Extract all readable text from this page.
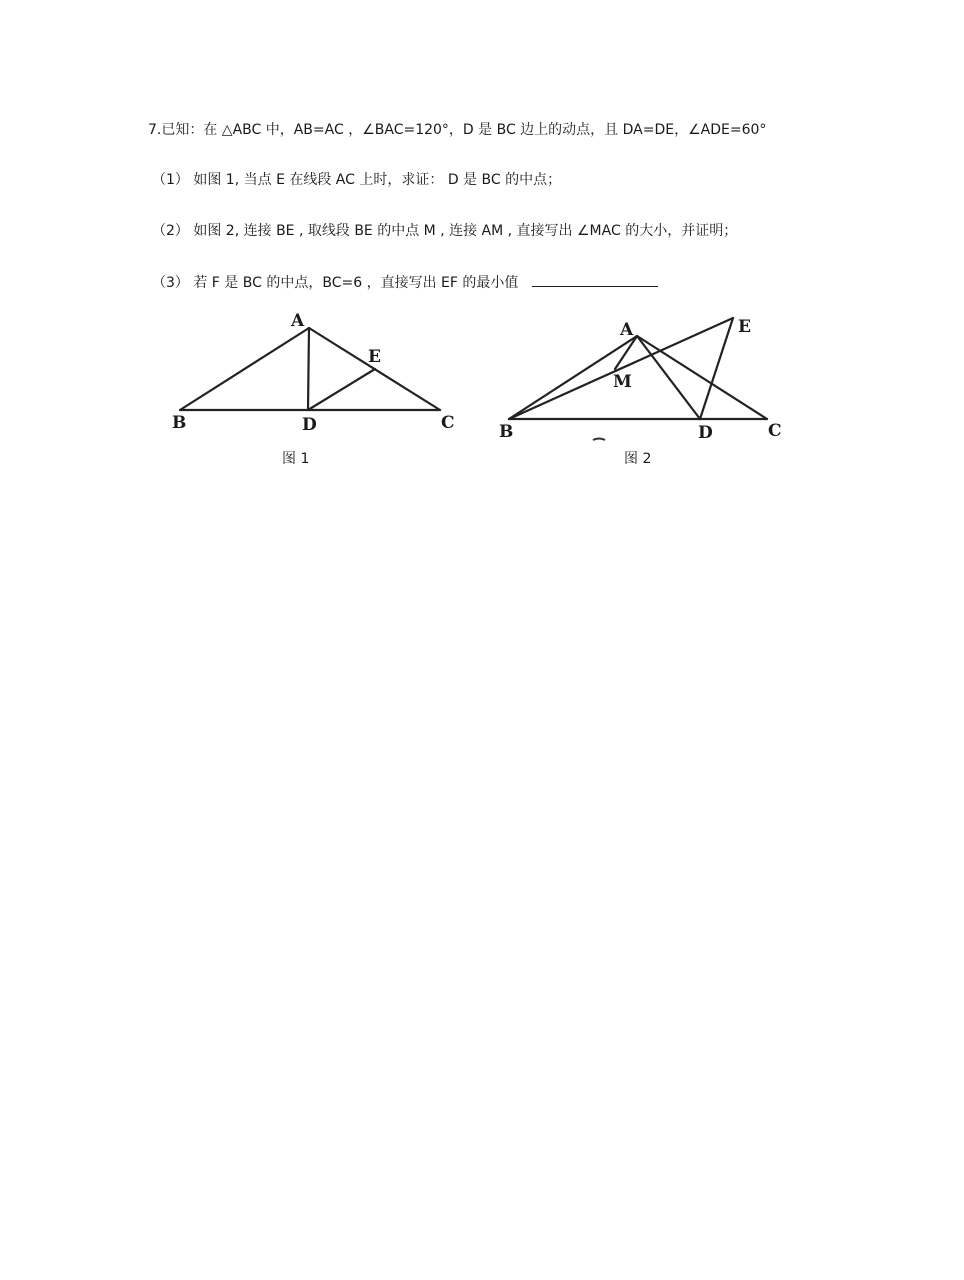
7.已知：在 △ABC 中，AB=AC ，∠BAC=120°，D 是 BC 边上的动点，且 DA=DE，∠ADE=60°
（1） 如图 1, 当点 E 在线段 AC 上时，求证： D 是 BC 的中点；
（2） 如图 2, 连接 BE , 取线段 BE 的中点 M , 连接 AM , 直接写出 ∠MAC 的大小，并证明；
（3） 若 F 是 BC 的中点，BC=6 ，直接写出 EF 的最小值
A
E
B	D	C
图 1
A	E
M
B	D	C
图 2
